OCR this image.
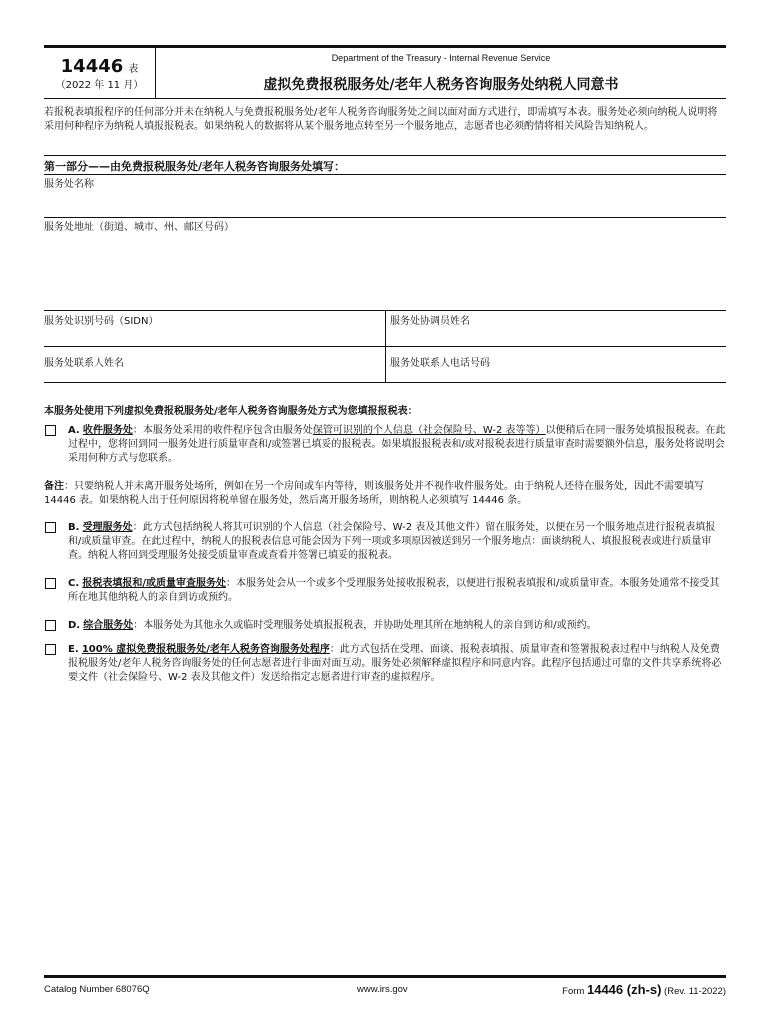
14446 表
（2022 年 11 月）
Department of the Treasury - Internal Revenue Service
虚拟免费报税服务处/老年人税务咨询服务处纳税人同意书
若报税表填报程序的任何部分并未在纳税人与免费报税服务处/老年人税务咨询服务处之间以面对面方式进行，即需填写本表。服务处必须向纳税人说明将采用何种程序为纳税人填报报税表。如果纳税人的数据将从某个服务地点转至另一个服务地点，志愿者也必须酌情将相关风险告知纳税人。
第一部分——由免费报税服务处/老年人税务咨询服务处填写：
服务处名称
服务处地址（街道、城市、州、邮区号码）
服务处识别号码（SIDN）	服务处协调员姓名
服务处联系人姓名	服务处联系人电话号码
本服务处使用下列虚拟免费报税服务处/老年人税务咨询服务处方式为您填报报税表：
A. 收件服务处：本服务处采用的收件程序包含由服务处保管可识别的个人信息（社会保险号、W-2 表等等）以便稍后在同一服务处填报报税表。在此过程中，您将回到同一服务处进行质量审查和/或签署已填妥的报税表。如果填报报税表和/或对报税表进行质量审查时需要额外信息，服务处将说明会采用何种方式与您联系。
备注：只要纳税人并未离开服务处场所，例如在另一个房间或车内等待，则该服务处并不视作收件服务处。由于纳税人还待在服务处，因此不需要填写 14446 表。如果纳税人出于任何原因将税单留在服务处，然后离开服务场所，则纳税人必须填写 14446 条。
B. 受理服务处：此方式包括纳税人将其可识别的个人信息（社会保险号、W-2 表及其他文件）留在服务处，以便在另一个服务地点进行报税表填报和/或质量审查。在此过程中，纳税人的报税表信息可能会因为下列一项或多项原因被送到另一个服务地点：面谈纳税人、填报报税表或进行质量审查。纳税人将回到受理服务处接受质量审查或查看并签署已填妥的报税表。
C. 报税表填报和/或质量审查服务处：本服务处会从一个或多个受理服务处接收报税表，以便进行报税表填报和/或质量审查。本服务处通常不接受其所在地其他纳税人的亲自到访或预约。
D. 综合服务处：本服务处为其他永久或临时受理服务处填报报税表，并协助处理其所在地纳税人的亲自到访和/或预约。
E. 100% 虚拟免费报税服务处/老年人税务咨询服务处程序：此方式包括在受理、面谈、报税表填报、质量审查和签署报税表过程中与纳税人及免费报税服务处/老年人税务咨询服务处的任何志愿者进行非面对面互动。服务处必须解释虚拟程序和同意内容。此程序包括通过可靠的文件共享系统将必要文件（社会保险号、W-2 表及其他文件）发送给指定志愿者进行审查的虚拟程序。
Catalog Number 68076Q	www.irs.gov	Form 14446 (zh-s) (Rev. 11-2022)
